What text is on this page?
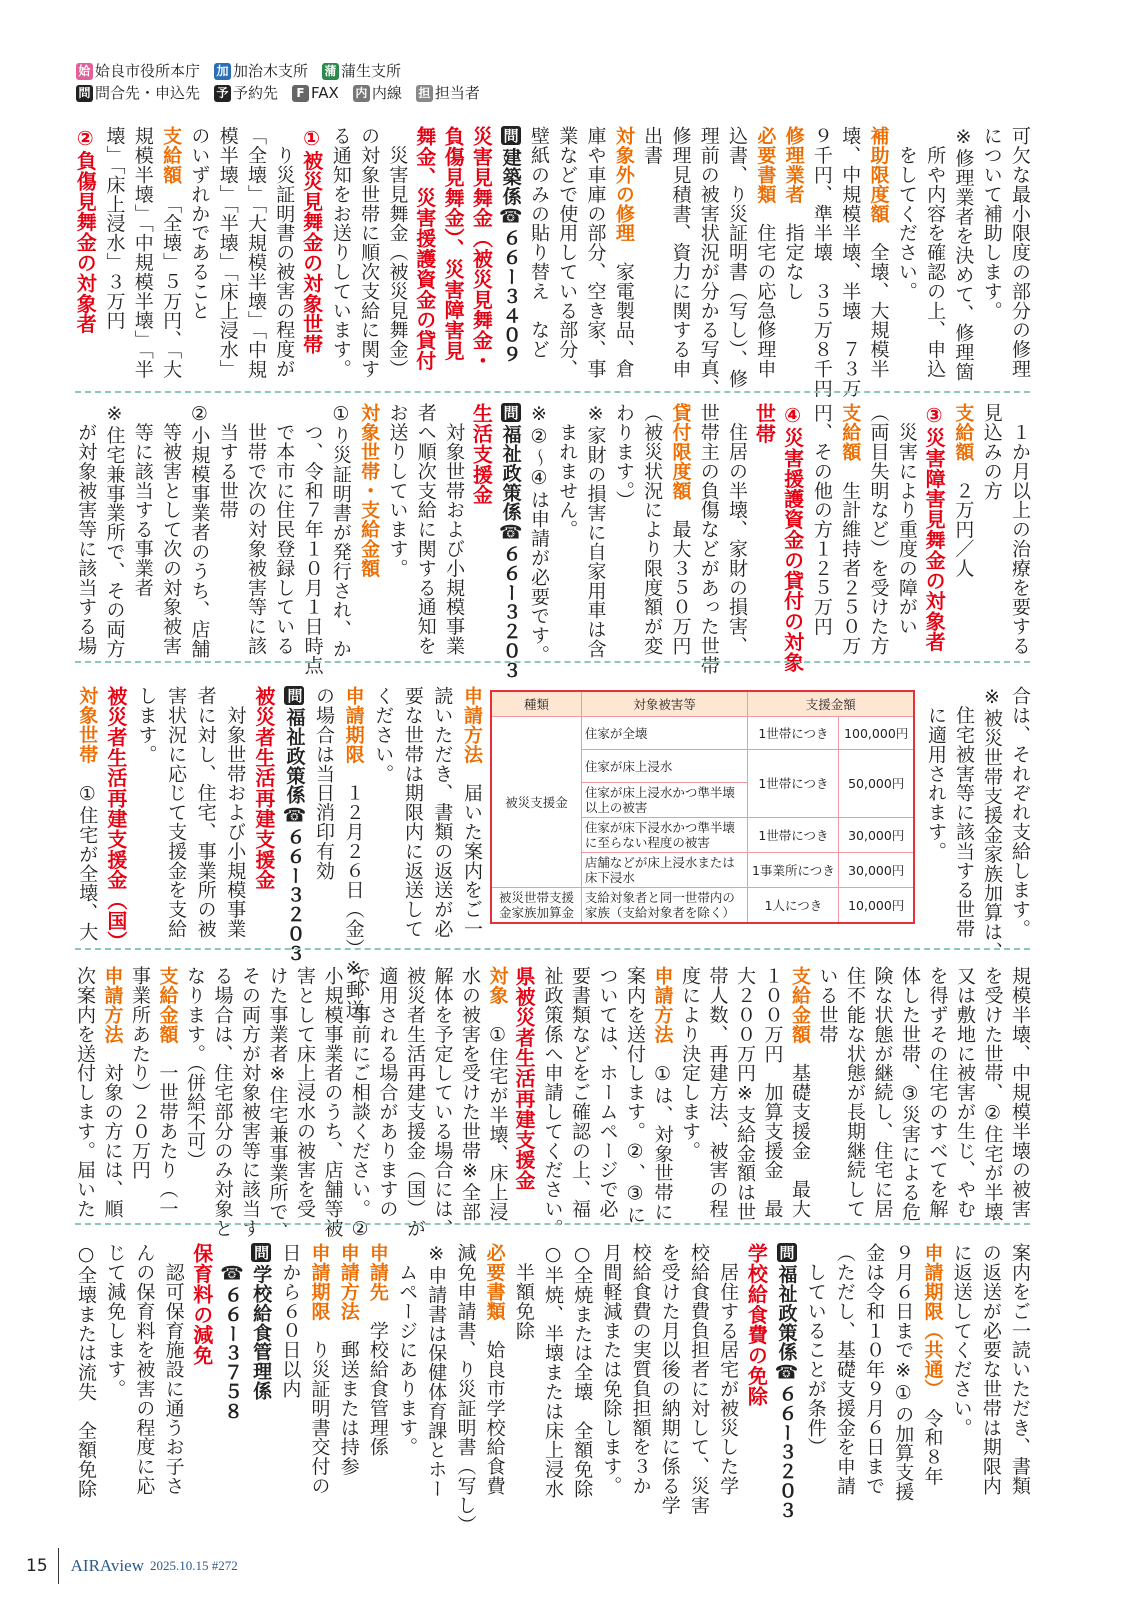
姶 姶良市役所本庁 加 加治木支所 蒲 蒲生支所
問 問合先・申込先 予 予約先	F FAX 内 内線 担 担当者
可欠な最小限度の部分の修理
について補助します。
※修理業者を決めて、修理箇
　所や内容を確認の上、申込
　をしてください。
補助限度額　全壊、大規模半
壊、中規模半壊、半壊　７３万
９千円、準半壊　３５万８千円
修理業者　指定なし
必要書類　住宅の応急修理申
込書、り災証明書（写し）、修
理前の被害状況が分かる写真、
修理見積書、資力に関する申
出書
対象外の修理　家電製品、倉
庫や車庫の部分、空き家、事
業などで使用している部分、
壁紙のみの貼り替え　など
問建築係☎６６ー３４０９
災害見舞金（被災見舞金・
負傷見舞金）、災害障害見
舞金、災害援護資金の貸付
　災害見舞金（被災見舞金）
の対象世帯に順次支給に関す
る通知をお送りしています。
①被災見舞金の対象世帯
　り災証明書の被害の程度が
「全壊」「大規模半壊」「中規
模半壊」「半壊」「床上浸水」
のいずれかであること
支給額　「全壊」５万円、「大
規模半壊」「中規模半壊」「半
壊」「床上浸水」３万円
②負傷見舞金の対象者
　１か月以上の治療を要する
見込みの方
支給額　２万円／人
③災害障害見舞金の対象者
　災害により重度の障がい
（両目失明など）を受けた方
支給額　生計維持者２５０万
円、その他の方１２５万円
④災害援護資金の貸付の対象
世帯
　住居の半壊、家財の損害、
世帯主の負傷などがあった世帯
貸付限度額　最大３５０万円
（被災状況により限度額が変
わります。）
※家財の損害に自家用車は含
　まれません。
※②〜④は申請が必要です。
問福祉政策係☎６６ー３２０３
生活支援金
　対象世帯および小規模事業
者へ順次支給に関する通知を
お送りしています。
対象世帯・支給金額
①り災証明書が発行され、か
　つ、令和７年１０月１日時点
　で本市に住民登録している
　世帯で次の対象被害等に該
　当する世帯
②小規模事業者のうち、店舗
　等被害として次の対象被害
　等に該当する事業者
※住宅兼事業所で、その両方
　が対象被害等に該当する場
合は、それぞれ支給します。
※被災世帯支援金家族加算は、
　住宅被害等に該当する世帯
　に適用されます。
申請方法　届いた案内をご一
読いただき、書類の返送が必
要な世帯は期限内に返送して
ください。
申請期限　１２月２６日（金）※郵送
の場合は当日消印有効
問福祉政策係☎６６ー３２０３
被災者生活再建支援金
　対象世帯および小規模事業
者に対し、住宅、事業所の被
害状況に応じて支援金を支給
します。
被災者生活再建支援金（国）
対象世帯　①住宅が全壊、大
規模半壊、中規模半壊の被害
を受けた世帯、②住宅が半壊
又は敷地に被害が生じ、やむ
を得ずその住宅のすべてを解
体した世帯、③災害による危
険な状態が継続し、住宅に居
住不能な状態が長期継続して
いる世帯
支給金額　基礎支援金　最大
１００万円　加算支援金　最
大２００万円※支給金額は世
帯人数、再建方法、被害の程
度により決定します。
申請方法　①は、対象世帯に
案内を送付します。②、③に
ついては、ホームページで必
要書類などをご確認の上、福
祉政策係へ申請してください。
県被災者生活再建支援金
対象　①住宅が半壊、床上浸
水の被害を受けた世帯※全部
解体を予定している場合には、
被災者生活再建支援金（国）が
適用される場合がありますの
で、事前にご相談ください。②
小規模事業者のうち、店舗等被
害として床上浸水の被害を受
けた事業者※住宅兼事業所で、
その両方が対象被害等に該当す
る場合は、住宅部分のみ対象と
なります。（併給不可）
支給金額　一世帯あたり（一
事業所あたり）２０万円
申請方法　対象の方には、順
次案内を送付します。届いた
案内をご一読いただき、書類
の返送が必要な世帯は期限内
に返送してください。
申請期限（共通）　令和８年
９月６日まで※①の加算支援
金は令和１０年９月６日まで
（ただし、基礎支援金を申請
　していることが条件）
問福祉政策係☎６６ー３２０３
学校給食費の免除
　居住する居宅が被災した学
校給食費負担者に対して、災害
を受けた月以後の納期に係る学
校給食費の実質負担額を３か
月間軽減または免除します。
○全焼または全壊　全額免除
○半焼、半壊または床上浸水
　半額免除
必要書類　姶良市学校給食費
減免申請書、り災証明書（写し）
※申請書は保健体育課とホー
　ムページにあります。
申請先　学校給食管理係
申請方法　郵送または持参
申請期限　り災証明書交付の
日から６０日以内
問学校給食管理係
　☎６６ー３７５８
保育料の減免
　認可保育施設に通うお子さ
んの保育料を被害の程度に応
じて減免します。
○全壊または流失　全額免除
種類	対象被害等	支援金額	
被災支援金	住家が全壊	1世帯につき	100,000円
	住家が床上浸水	1世帯につき	50,000円
	住家が床上浸水かつ準半壊以上の被害		
	住家が床下浸水かつ準半壊に至らない程度の被害	1世帯につき	30,000円
	店舗などが床上浸水または床下浸水	1事業所につき	30,000円
被災世帯支援金家族加算金	支給対象者と同一世帯内の家族（支給対象者を除く）	1人につき	10,000円
15	AIRAview 2025.10.15 #272
